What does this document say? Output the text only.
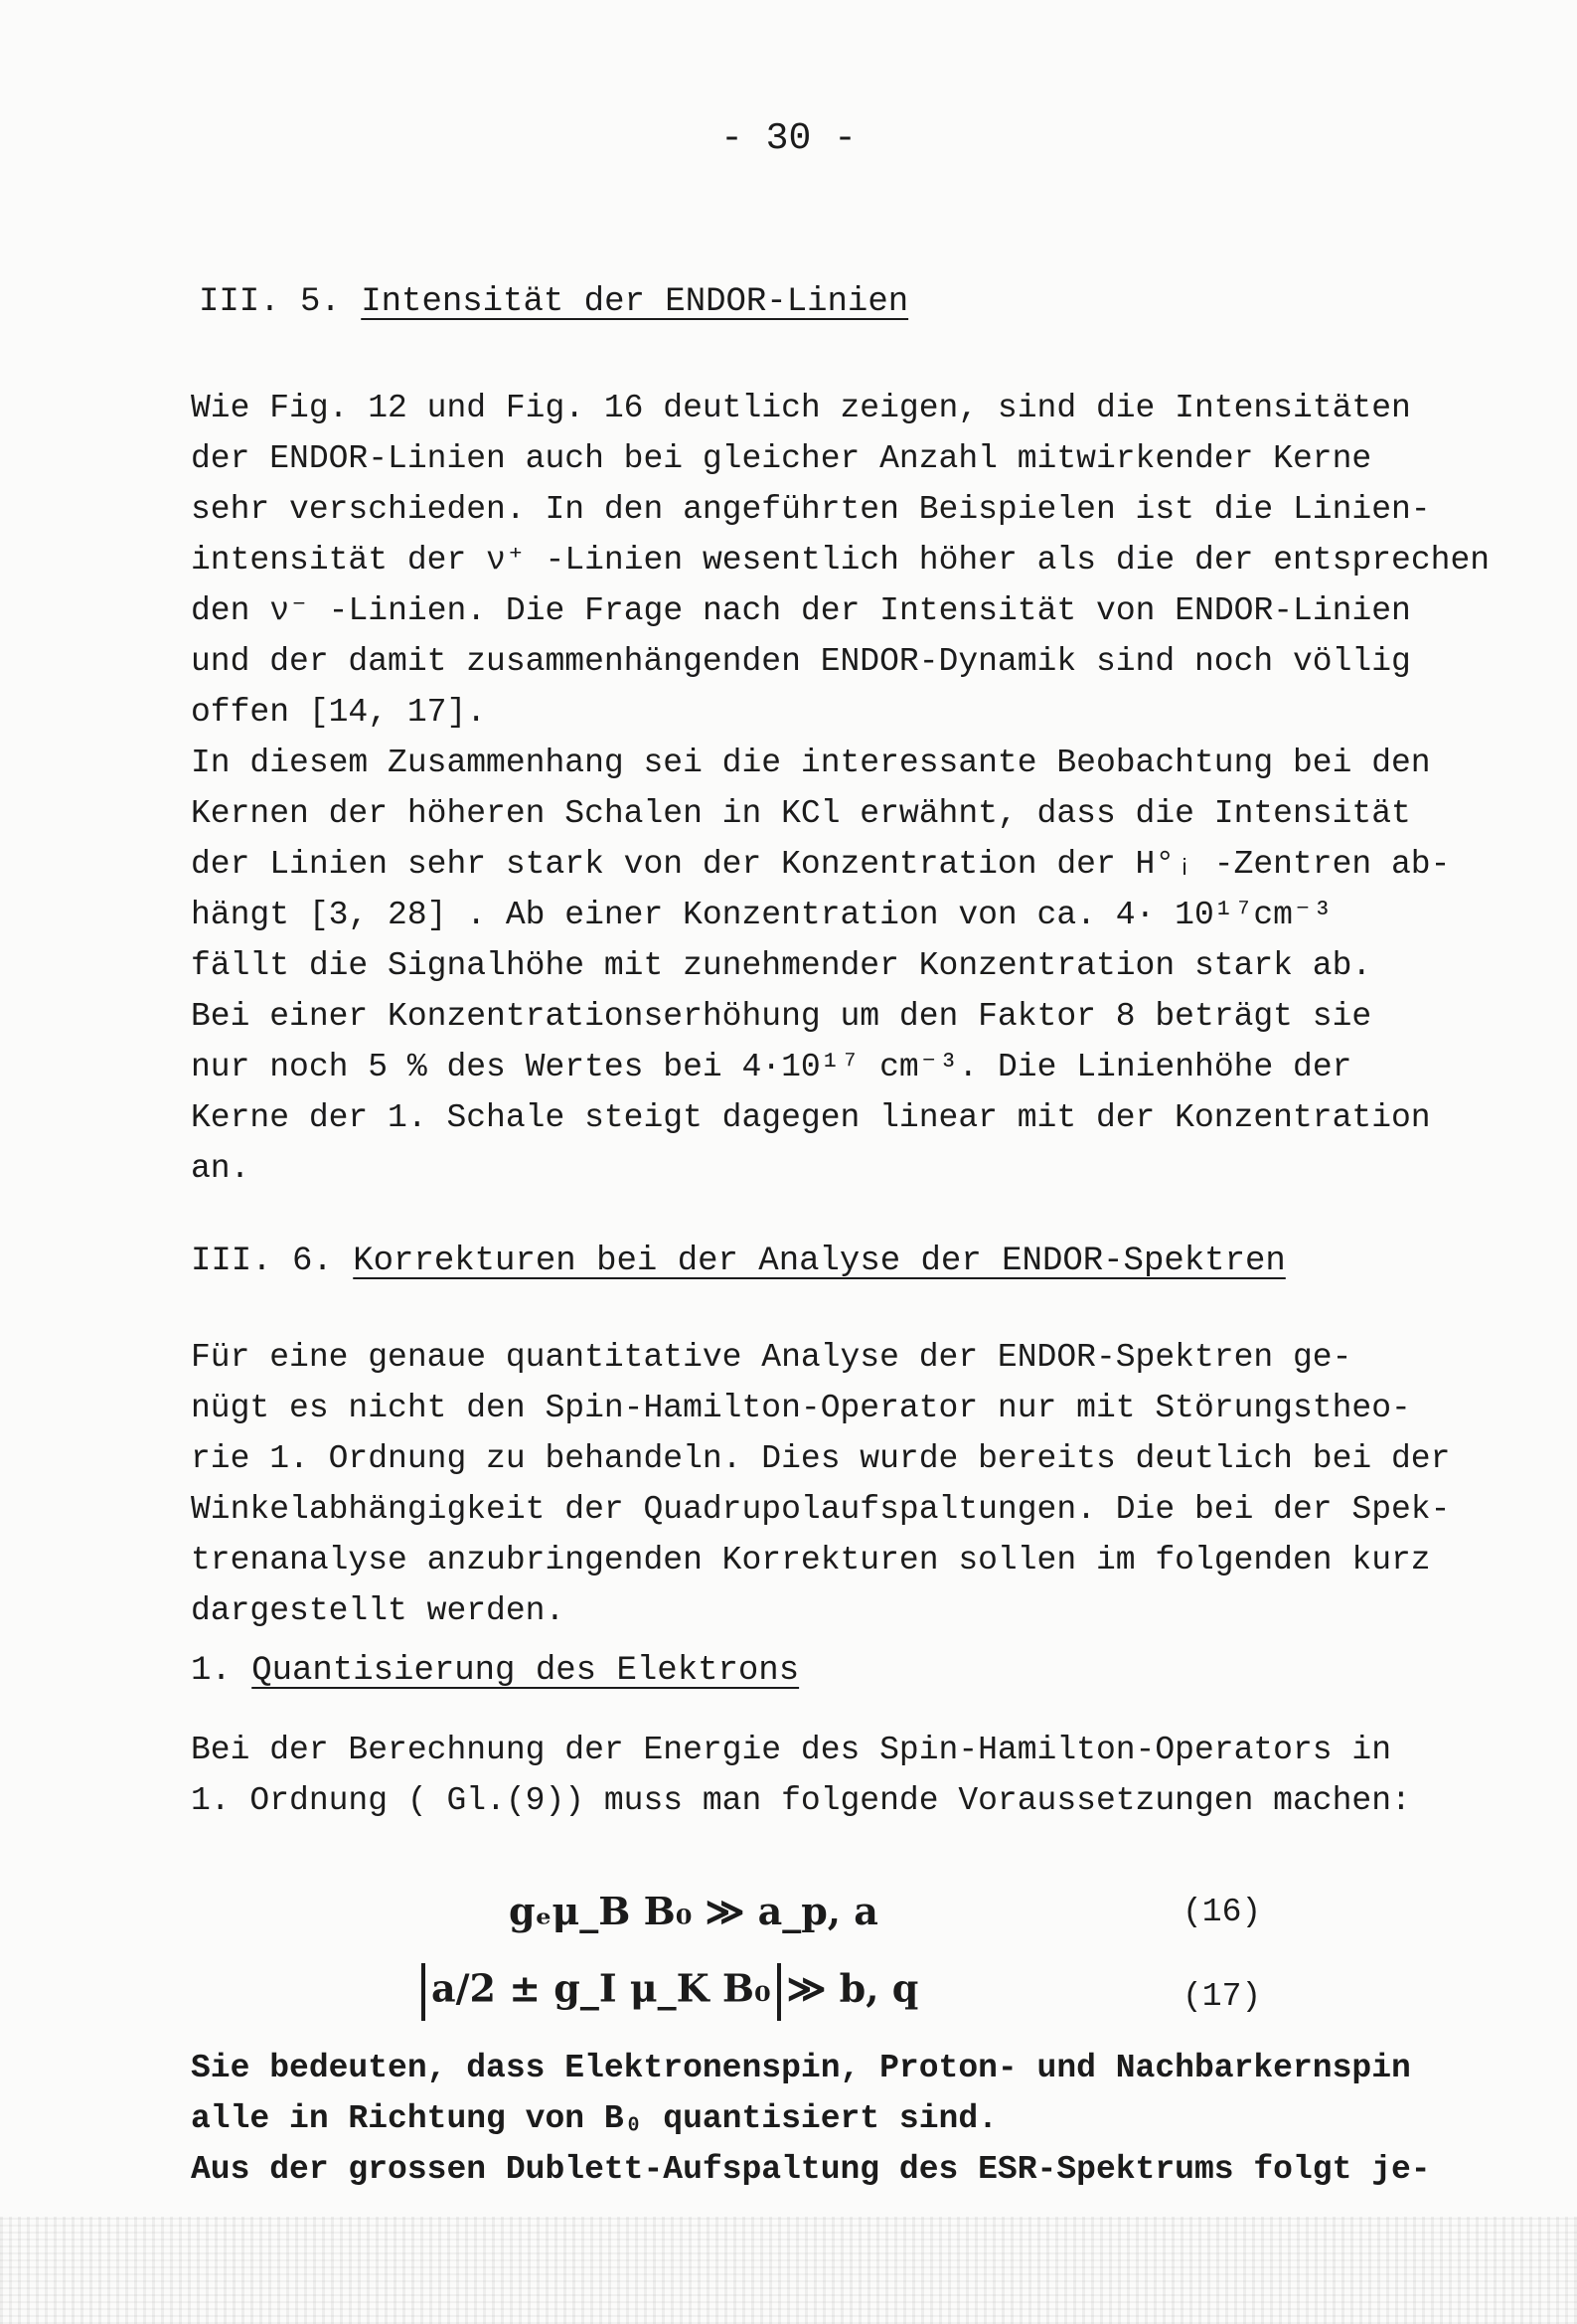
- 30 -
III. 5. Intensität der ENDOR-Linien
Wie Fig. 12 und Fig. 16 deutlich zeigen, sind die Intensitäten
der ENDOR-Linien auch bei gleicher Anzahl mitwirkender Kerne
sehr verschieden. In den angeführten Beispielen ist die Linien-
intensität der ν⁺ -Linien wesentlich höher als die der entsprechen
den ν⁻ -Linien. Die Frage nach der Intensität von ENDOR-Linien
und der damit zusammenhängenden ENDOR-Dynamik sind noch völlig
offen [14, 17].
In diesem Zusammenhang sei die interessante Beobachtung bei den
Kernen der höheren Schalen in KCl erwähnt, dass die Intensität
der Linien sehr stark von der Konzentration der H°ᵢ -Zentren ab-
hängt [3, 28] . Ab einer Konzentration von ca. 4· 10¹⁷cm⁻³
fällt die Signalhöhe mit zunehmender Konzentration stark ab.
Bei einer Konzentrationserhöhung um den Faktor 8 beträgt sie
nur noch 5 % des Wertes bei 4·10¹⁷ cm⁻³. Die Linienhöhe der
Kerne der 1. Schale steigt dagegen linear mit der Konzentration
an.
III. 6. Korrekturen bei der Analyse der ENDOR-Spektren
Für eine genaue quantitative Analyse der ENDOR-Spektren ge-
nügt es nicht den Spin-Hamilton-Operator nur mit Störungstheo-
rie 1. Ordnung zu behandeln. Dies wurde bereits deutlich bei der
Winkelabhängigkeit der Quadrupolaufspaltungen. Die bei der Spek-
trenanalyse anzubringenden Korrekturen sollen im folgenden kurz
dargestellt werden.
1. Quantisierung des Elektrons
Bei der Berechnung der Energie des Spin-Hamilton-Operators in
1. Ordnung ( Gl.(9)) muss man folgende Voraussetzungen machen:
gₑμ_B B₀ ≫ a_p, a	(16)
a/2 ± g_I μ_K B₀ ≫ b, q	(17)
Sie bedeuten, dass Elektronenspin, Proton- und Nachbarkernspin
alle in Richtung von B₀ quantisiert sind.
Aus der grossen Dublett-Aufspaltung des ESR-Spektrums folgt je-
